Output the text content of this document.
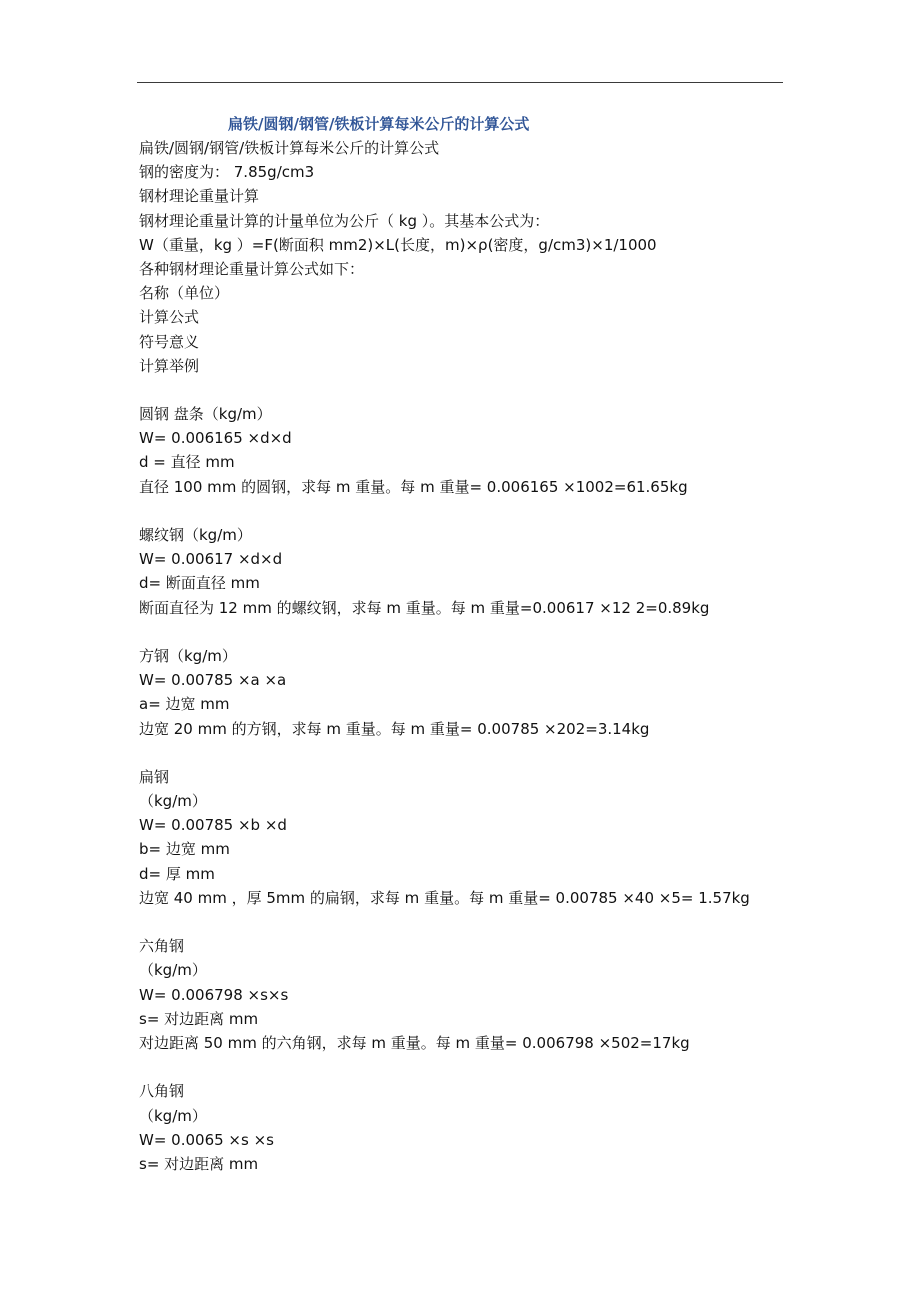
扁铁/圆钢/钢管/铁板计算每米公斤的计算公式
扁铁/圆钢/钢管/铁板计算每米公斤的计算公式
钢的密度为： 7.85g/cm3
钢材理论重量计算
钢材理论重量计算的计量单位为公斤（ kg ）。其基本公式为：
W（重量，kg ）=F(断面积 mm2)×L(长度，m)×ρ(密度，g/cm3)×1/1000
各种钢材理论重量计算公式如下：
名称（单位）
计算公式
符号意义
计算举例
圆钢 盘条（kg/m）
W= 0.006165 ×d×d
d = 直径 mm
直径 100 mm 的圆钢，求每 m 重量。每 m 重量= 0.006165 ×1002=61.65kg
螺纹钢（kg/m）
W= 0.00617 ×d×d
d= 断面直径 mm
断面直径为 12 mm 的螺纹钢，求每 m 重量。每 m 重量=0.00617 ×12 2=0.89kg
方钢（kg/m）
W= 0.00785 ×a ×a
a= 边宽 mm
边宽 20 mm 的方钢，求每 m 重量。每 m 重量= 0.00785 ×202=3.14kg
扁钢
（kg/m）
W= 0.00785 ×b ×d
b= 边宽 mm
d= 厚 mm
边宽 40 mm ，厚 5mm 的扁钢，求每 m 重量。每 m 重量= 0.00785 ×40 ×5= 1.57kg
六角钢
（kg/m）
W= 0.006798 ×s×s
s= 对边距离 mm
对边距离 50 mm 的六角钢，求每 m 重量。每 m 重量= 0.006798 ×502=17kg
八角钢
（kg/m）
W= 0.0065 ×s ×s
s= 对边距离 mm
